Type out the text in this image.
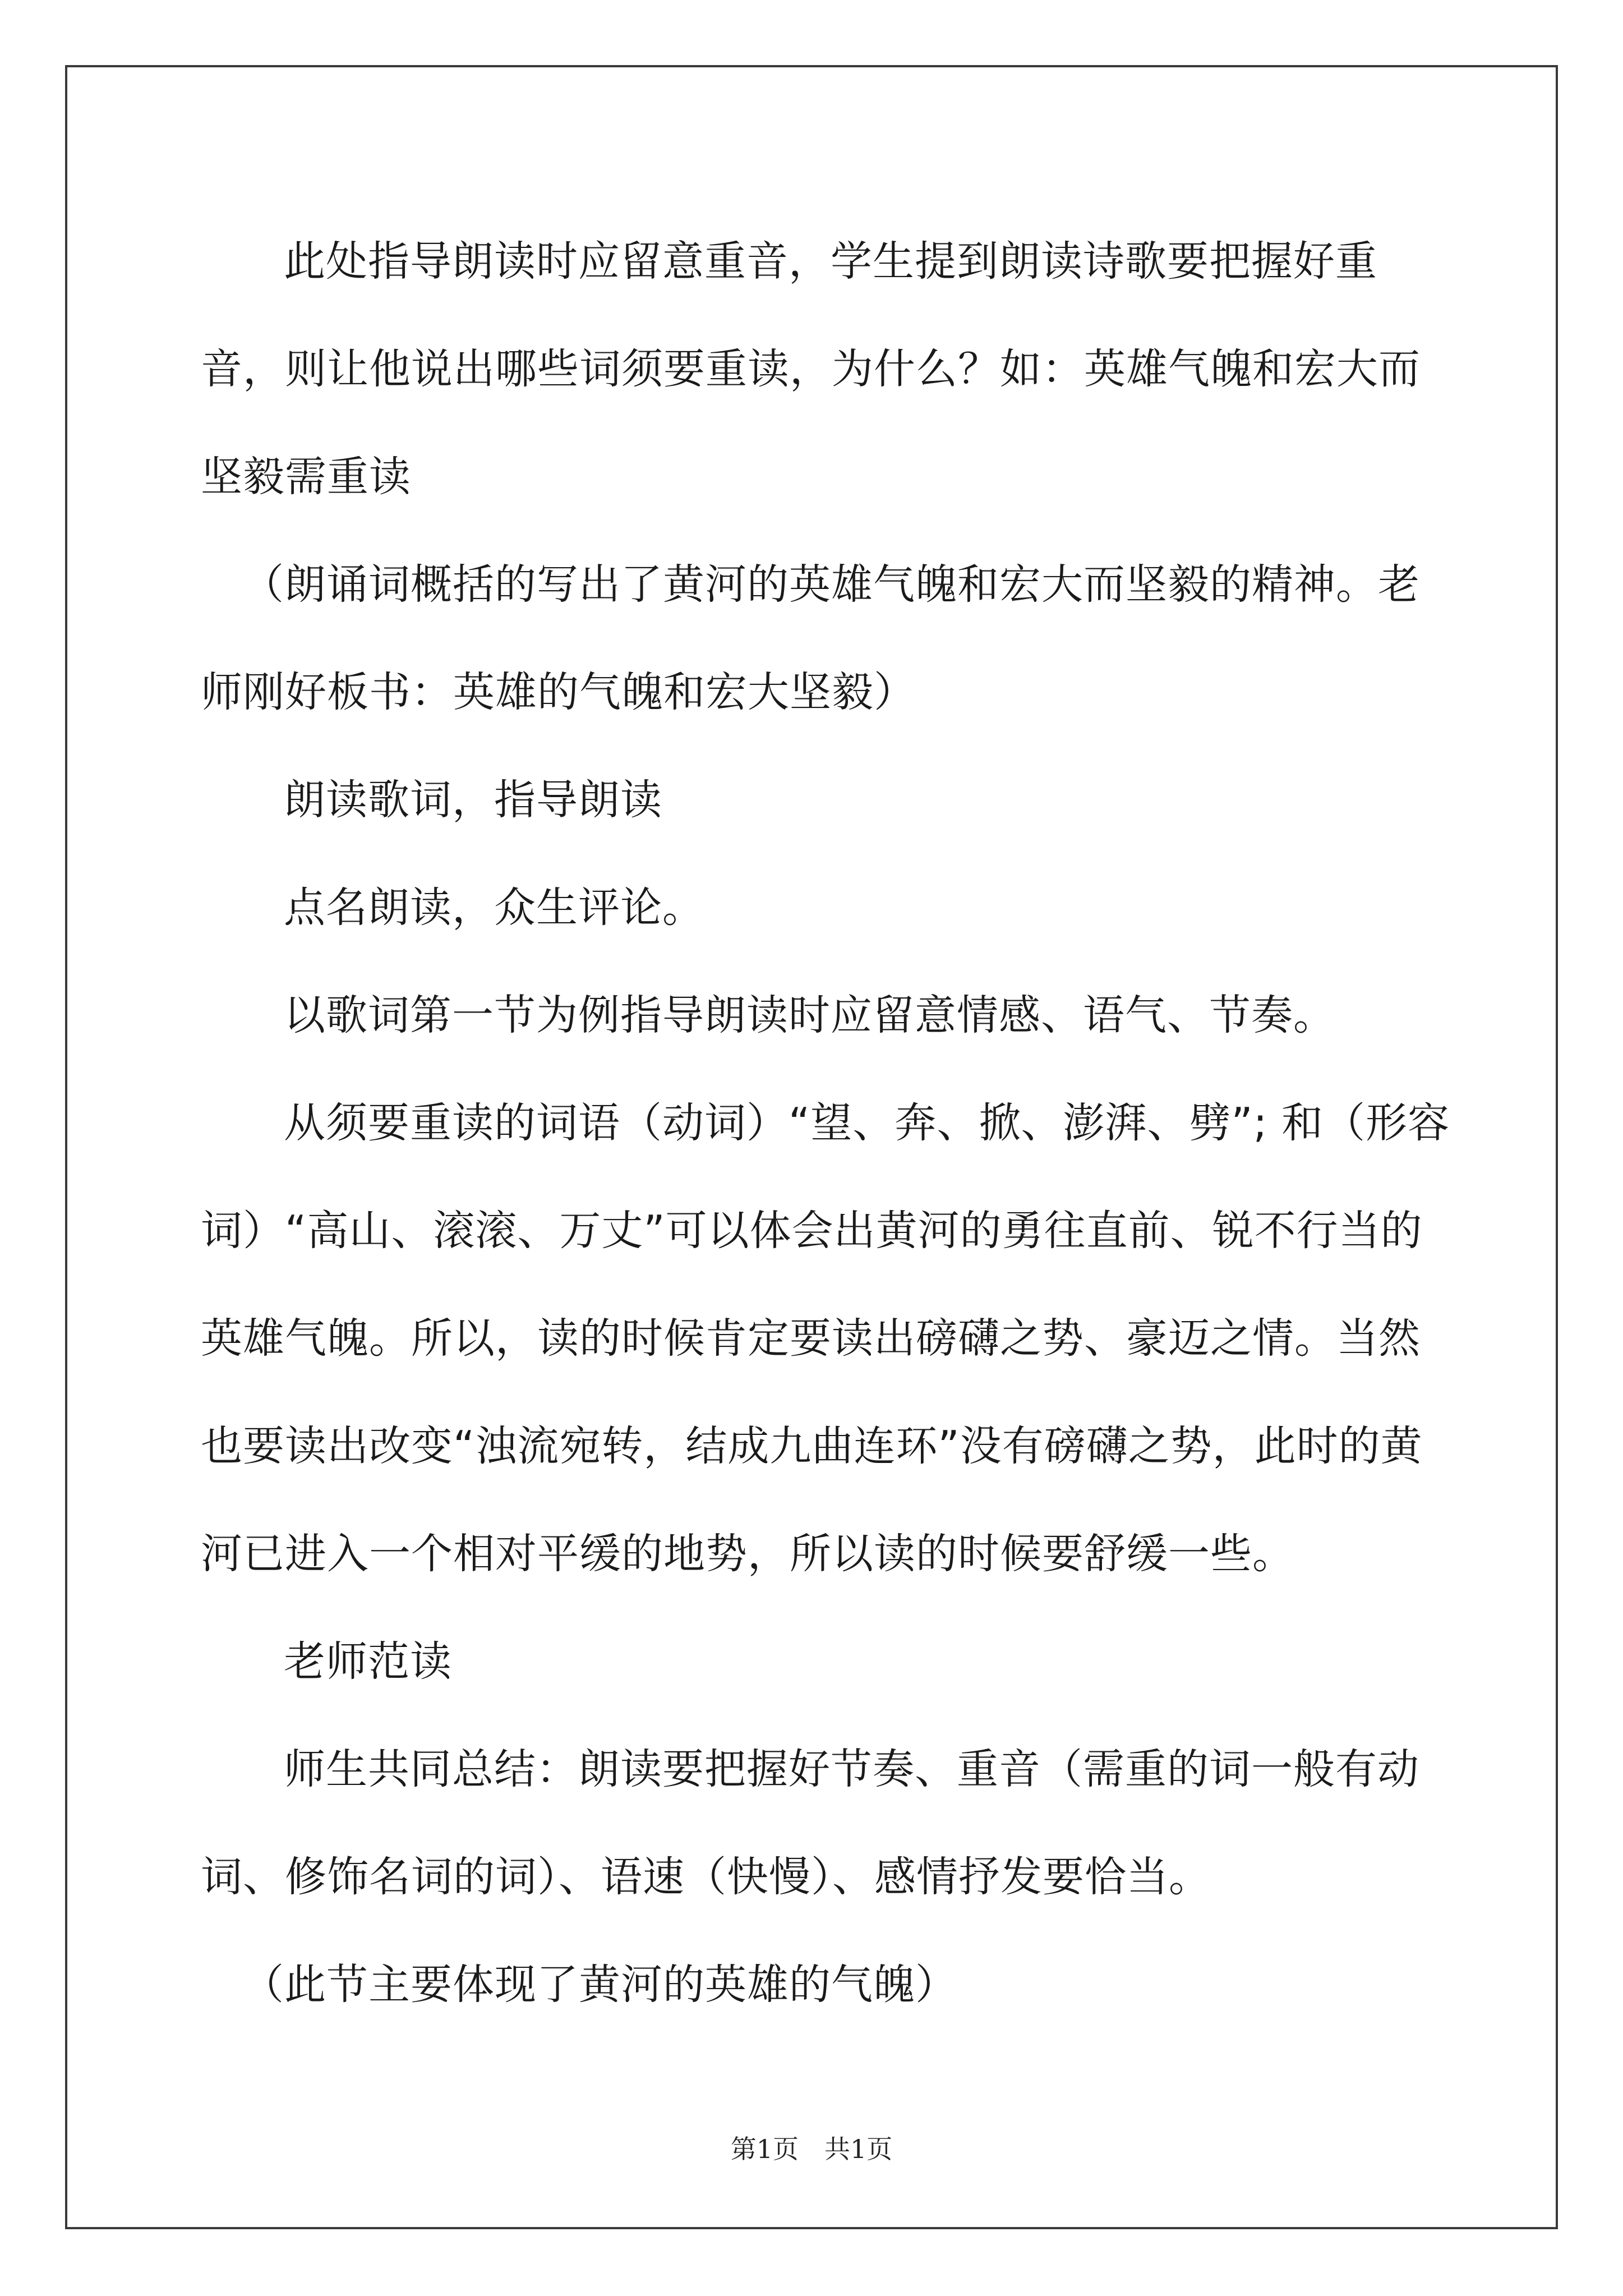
此处指导朗读时应留意重音，学生提到朗读诗歌要把握好重音，则让他说出哪些词须要重读，为什么？如：英雄气魄和宏大而坚毅需重读

（朗诵词概括的写出了黄河的英雄气魄和宏大而坚毅的精神。老师刚好板书：英雄的气魄和宏大坚毅）

朗读歌词，指导朗读

点名朗读，众生评论。

以歌词第一节为例指导朗读时应留意情感、语气、节奏。

从须要重读的词语（动词）“望、奔、掀、澎湃、劈”; 和（形容词）“高山、滚滚、万丈”可以体会出黄河的勇往直前、锐不行当的英雄气魄。所以，读的时候肯定要读出磅礴之势、豪迈之情。当然也要读出改变“浊流宛转，结成九曲连环”没有磅礴之势，此时的黄河已进入一个相对平缓的地势，所以读的时候要舒缓一些。

老师范读

师生共同总结：朗读要把握好节奏、重音（需重的词一般有动词、修饰名词的词）、语速（快慢）、感情抒发要恰当。

（此节主要体现了黄河的英雄的气魄）

第1页 共1页
